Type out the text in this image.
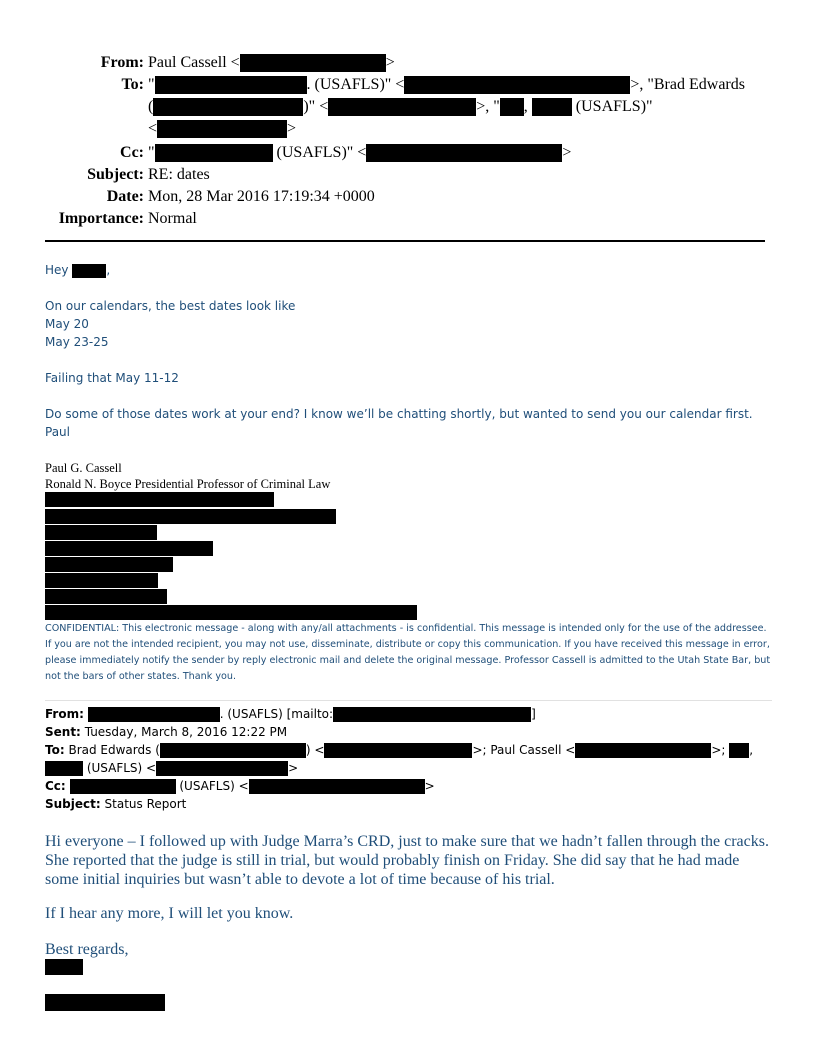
From: Paul Cassell <	>
To: "	. (USAFLS)" <	>, "Brad Edwards
(	)" <	>, " ,	(USAFLS)"
<	>
Cc: "	(USAFLS)" <	>
Subject: RE: dates
Date: Mon, 28 Mar 2016 17:19:34 +0000
Importance: Normal
Hey	,
On our calendars, the best dates look like
May 20
May 23-25
Failing that May 11-12
Do some of those dates work at your end? I know we’ll be chatting shortly, but wanted to send you our calendar first.
Paul
Paul G. Cassell
Ronald N. Boyce Presidential Professor of Criminal Law
CONFIDENTIAL: This electronic message - along with any/all attachments - is confidential. This message is intended only for the use of the addressee. If you are not the intended recipient, you may not use, disseminate, distribute or copy this communication. If you have received this message in error, please immediately notify the sender by reply electronic mail and delete the original message. Professor Cassell is admitted to the Utah State Bar, but not the bars of other states. Thank you.
From:	. (USAFLS) [mailto:	]
Sent: Tuesday, March 8, 2016 12:22 PM
To: Brad Edwards (	) <	>; Paul Cassell <	>; ,
(USAFLS) <	>
Cc:	(USAFLS) <	>
Subject: Status Report
Hi everyone – I followed up with Judge Marra’s CRD, just to make sure that we hadn’t fallen through the cracks. She reported that the judge is still in trial, but would probably finish on Friday. She did say that he had made some initial inquiries but wasn’t able to devote a lot of time because of his trial.
If I hear any more, I will let you know.
Best regards,
